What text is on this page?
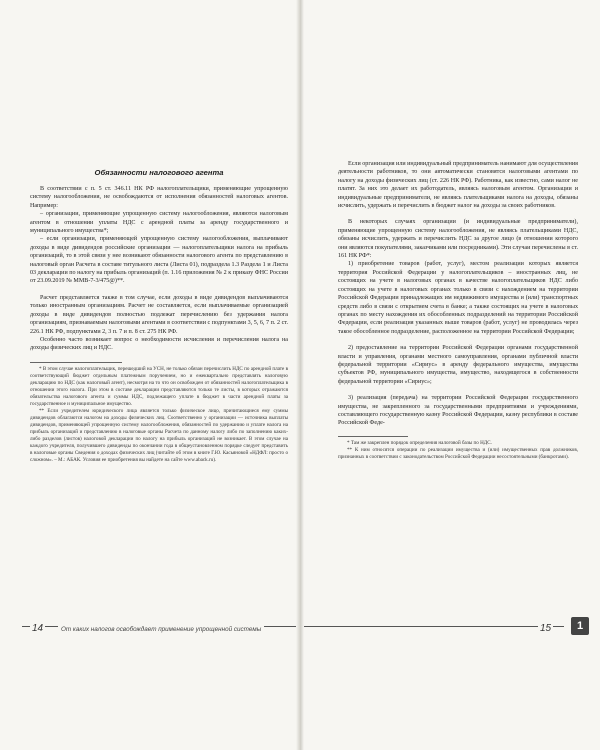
Обязанности налогового агента

В соответствии с п. 5 ст. 346.11 НК РФ налогоплательщики, применяющие упрощенную систему налогообложения, не освобождаются от исполнения обязанностей налоговых агентов. Например:

– организации, применяющие упрощенную систему налогообложения, являются налоговым агентом в отношении уплаты НДС с арендной платы за аренду государственного и муниципального имущества*;

– если организации, применяющей упрощенную систему налогообложения, выплачивают доходы в виде дивидендов российские организации — налогоплательщики налога на прибыль организаций, то в этой связи у нее возникают обязанности налогового агента по представлению в налоговый орган Расчета в составе титульного листа (Листа 01), подраздела 1.3 Раздела 1 и Листа 03 декларации по налогу на прибыль организаций (п. 1.16 приложения № 2 к приказу ФНС России от 23.09.2019 № ММВ-7-3/475@)**.

Расчет представляется также в том случае, если доходы в виде дивидендов выплачиваются только иностранным организациям. Расчет не составляется, если выплачиваемые организацией доходы в виде дивидендов полностью подлежат перечислению без удержания налога организациям, признаваемым налоговыми агентами в соответствии с подпунктами 3, 5, 6, 7 п. 2 ст. 226.1 НК РФ, подпунктами 2, 3 п. 7 и п. 8 ст. 275 НК РФ.

Особенно часто возникает вопрос о необходимости исчисления и перечисления налога на доходы физических лиц и НДС.

* В этом случае налогоплательщик, перешедший на УСН, не только обязан перечислить НДС по арендной плате в соответствующий бюджет отдельным платежным поручением, но и ежеквартально представлять налоговую декларацию по НДС (как налоговый агент), несмотря на то что он освобожден от обязанностей налогоплательщика в отношении этого налога. При этом в составе декларации представляются только те листы, в которых отражаются обязательства налогового агента и суммы НДС, подлежащего уплате в бюджет в части арендной платы за государственное и муниципальное имущество.

** Если учредителем юридического лица является только физическое лицо, причитающиеся ему суммы дивидендов облагаются налогом на доходы физических лиц. Соответственно у организации — источника выплаты дивидендов, применяющей упрощенную систему налогообложения, обязанностей по удержанию и уплате налога на прибыль организаций и представлению в налоговые органы Расчета по данному налогу либо по заполнению каких-либо разделов (листов) налоговой декларации по налогу на прибыль организаций не возникает. В этом случае на каждого учредителя, получившего дивиденды по окончании года в общеустановленном порядке следует представить в налоговые органы Сведения о доходах физических лиц (читайте об этом в книге Г.Ю. Касьяновой «НДФЛ: просто о сложном». – М.: АБАК. Условия ее приобретения вы найдете на сайте www.aback.ru).

Если организация или индивидуальный предприниматель нанимают для осуществления деятельности работников, то они автоматически становятся налоговыми агентами по налогу на доходы физических лиц (ст. 226 НК РФ). Работника, как известно, сами налог не платят. За них это делает их работодатель, являясь налоговым агентом. Организации и индивидуальные предприниматели, не являясь плательщиками налога на доходы, обязаны исчислить, удержать и перечислить в бюджет налог на доходы за своих работников.

В некоторых случаях организации (и индивидуальные предприниматели), применяющие упрощенную систему налогообложения, не являясь плательщиками НДС, обязаны исчислить, удержать и перечислить НДС за другое лицо (в отношении которого они являются покупателями, заказчиками или посредниками). Эти случаи перечислены в ст. 161 НК РФ*:

1) приобретение товаров (работ, услуг), местом реализации которых является территория Российской Федерации у налогоплательщиков – иностранных лиц, не состоящих на учете в налоговых органах в качестве налогоплательщиков НДС либо состоящих на учете в налоговых органах только в связи с нахождением на территории Российской Федерации принадлежащих им недвижимого имущества и (или) транспортных средств либо в связи с открытием счета в банке; а также состоящих на учете в налоговых органах по месту нахождения их обособленных подразделений на территории Российской Федерации, если реализация указанных выше товаров (работ, услуг) не проводилась через такое обособленное подразделение, расположенное на территории Российской Федерации;

2) предоставление на территории Российской Федерации органами государственной власти и управления, органами местного самоуправления, органами публичной власти федеральной территории «Сириус» в аренду федерального имущества, имущества субъектов РФ, муниципального имущества, имущество, находящегося в собственности федеральной территории «Сириус»;

3) реализация (передача) на территории Российской Федерации государственного имущества, не закрепленного за государственными предприятиями и учреждениями, составляющего государственную казну Российской Федерации, казну республики в составе Российской Феде-

* Там же закреплен порядок определения налоговой базы по НДС.

** К ним относятся операции по реализации имущества и (или) имущественных прав должников, признанных в соответствии с законодательством Российской Федерации несостоятельными (банкротами).

14	От каких налогов освобождает применение упрощенной системы	15	1
